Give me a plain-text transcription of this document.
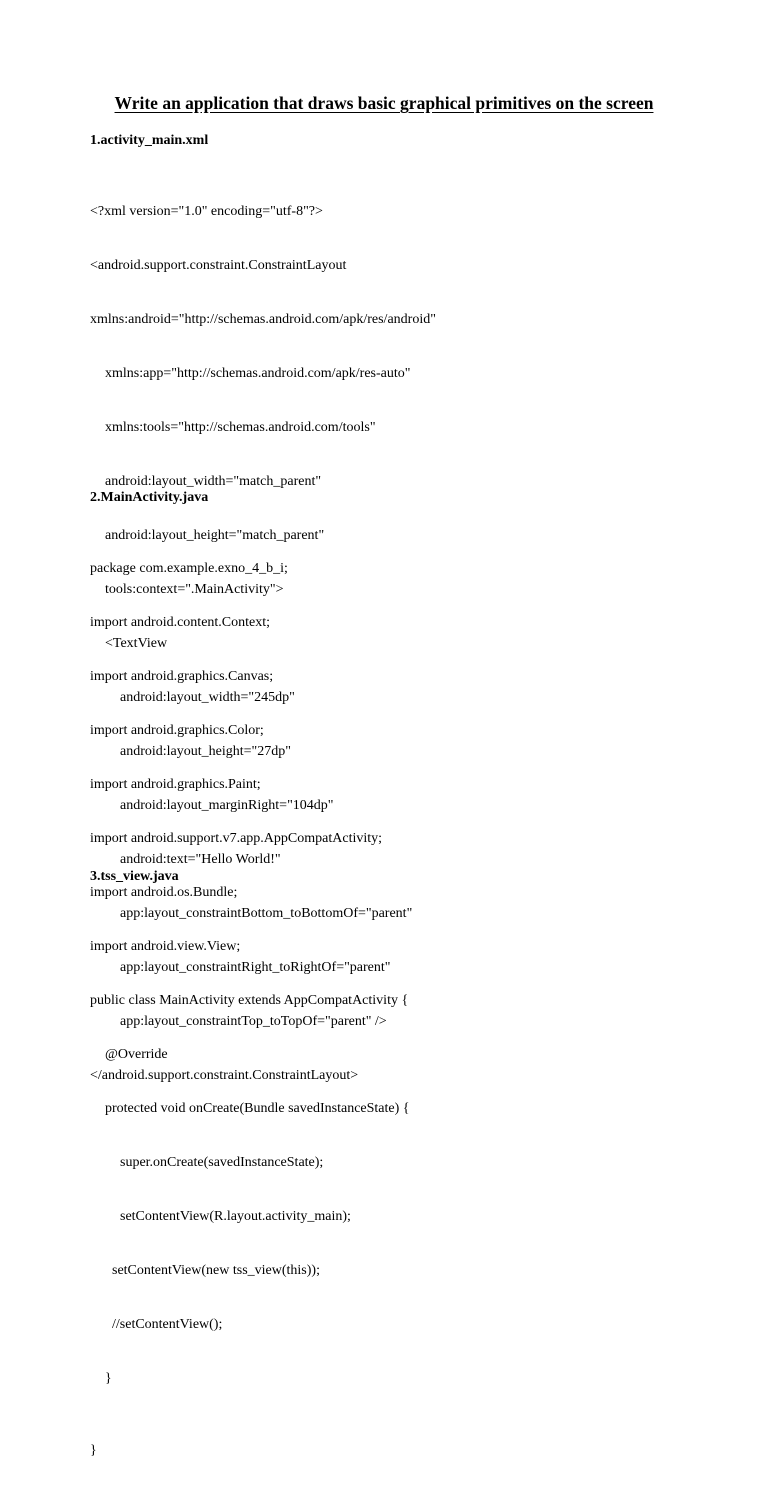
Write an application that draws basic graphical primitives on the screen
1.activity_main.xml

<?xml version="1.0" encoding="utf-8"?>

<android.support.constraint.ConstraintLayout

xmlns:android="http://schemas.android.com/apk/res/android"

xmlns:app="http://schemas.android.com/apk/res-auto"

xmlns:tools="http://schemas.android.com/tools"

android:layout_width="match_parent"

android:layout_height="match_parent"

tools:context=".MainActivity">

<TextView

android:layout_width="245dp"

android:layout_height="27dp"

android:layout_marginRight="104dp"

android:text="Hello World!"

app:layout_constraintBottom_toBottomOf="parent"

app:layout_constraintRight_toRightOf="parent"

app:layout_constraintTop_toTopOf="parent" />

</android.support.constraint.ConstraintLayout>

2.MainActivity.java

package com.example.exno_4_b_i;

import android.content.Context;

import android.graphics.Canvas;

import android.graphics.Color;

import android.graphics.Paint;

import android.support.v7.app.AppCompatActivity;

import android.os.Bundle;

import android.view.View;

public class MainActivity extends AppCompatActivity {

@Override

protected void onCreate(Bundle savedInstanceState) {

super.onCreate(savedInstanceState);

setContentView(R.layout.activity_main);

setContentView(new tss_view(this));

//setContentView();

}

}

3.tss_view.java
